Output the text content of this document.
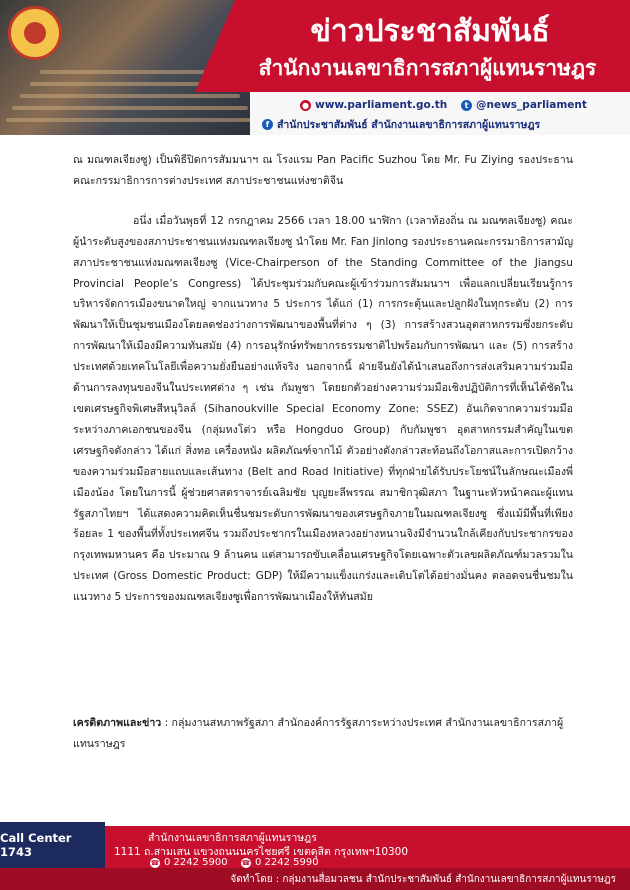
ข่าวประชาสัมพันธ์
สำนักงานเลขาธิการสภาผู้แทนราษฎร
● www.parliament.go.th	t @news_parliament
f สำนักประชาสัมพันธ์ สำนักงานเลขาธิการสภาผู้แทนราษฎร

ณ มณฑลเจียงซู) เป็นพิธีปิดการสัมมนาฯ ณ โรงแรม Pan Pacific Suzhou โดย Mr. Fu Ziying รองประธานคณะกรรมาธิการการต่างประเทศ สภาประชาชนแห่งชาติจีน

อนึ่ง เมื่อวันพุธที่ 12 กรกฎาคม 2566 เวลา 18.00 นาฬิกา (เวลาท้องถิ่น ณ มณฑลเจียงซู) คณะผู้นำระดับสูงของสภาประชาชนแห่งมณฑลเจียงซู นำโดย Mr. Fan Jinlong รองประธานคณะกรรมาธิการสามัญ สภาประชาชนแห่งมณฑลเจียงซู (Vice-Chairperson of the Standing Committee of the Jiangsu Provincial People’s Congress) ได้ประชุมร่วมกับคณะผู้เข้าร่วมการสัมมนาฯ เพื่อแลกเปลี่ยนเรียนรู้การบริหารจัดการเมืองขนาดใหญ่ จากแนวทาง 5 ประการ ได้แก่ (1) การกระตุ้นและปลูกฝังในทุกระดับ (2) การพัฒนาให้เป็นชุมชนเมืองโดยลดช่องว่างการพัฒนาของพื้นที่ต่าง ๆ (3) การสร้างสวนอุตสาหกรรมซึ่งยกระดับการพัฒนาให้เมืองมีความทันสมัย (4) การอนุรักษ์ทรัพยากรธรรมชาติไปพร้อมกับการพัฒนา และ (5) การสร้างประเทศด้วยเทคโนโลยีเพื่อความยั่งยืนอย่างแท้จริง นอกจากนี้ ฝ่ายจีนยังได้นำเสนอถึงการส่งเสริมความร่วมมือด้านการลงทุนของจีนในประเทศต่าง ๆ เช่น กัมพูชา โดยยกตัวอย่างความร่วมมือเชิงปฏิบัติการที่เห็นได้ชัดในเขตเศรษฐกิจพิเศษสีหนุวิลล์ (Sihanoukville Special Economy Zone: SSEZ) อันเกิดจากความร่วมมือระหว่างภาคเอกชนของจีน (กลุ่มหงโต่ว หรือ Hongduo Group) กับกัมพูชา อุตสาหกรรมสำคัญในเขตเศรษฐกิจดังกล่าว ได้แก่ สิ่งทอ เครื่องหนัง ผลิตภัณฑ์จากไม้ ตัวอย่างดังกล่าวสะท้อนถึงโอกาสและการเปิดกว้างของความร่วมมือสายแถบและเส้นทาง (Belt and Road Initiative) ที่ทุกฝ่ายได้รับประโยชน์ในลักษณะเมืองพี่เมืองน้อง โดยในการนี้ ผู้ช่วยศาสตราจารย์เฉลิมชัย บุญยะลีพรรณ สมาชิกวุฒิสภา ในฐานะหัวหน้าคณะผู้แทนรัฐสภาไทยฯ ได้แสดงความคิดเห็นชื่นชมระดับการพัฒนาของเศรษฐกิจภายในมณฑลเจียงซู ซึ่งแม้มีพื้นที่เพียงร้อยละ 1 ของพื้นที่ทั้งประเทศจีน รวมถึงประชากรในเมืองหลวงอย่างหนานจิงมีจำนวนใกล้เคียงกับประชากรของกรุงเทพมหานคร คือ ประมาณ 9 ล้านคน แต่สามารถขับเคลื่อนเศรษฐกิจโดยเฉพาะตัวเลขผลิตภัณฑ์มวลรวมในประเทศ (Gross Domestic Product: GDP) ให้มีความแข็งแกร่งและเติบโตได้อย่างมั่นคง ตลอดจนชื่นชมในแนวทาง 5 ประการของมณฑลเจียงซูเพื่อการพัฒนาเมืองให้ทันสมัย

เครดิตภาพและข่าว : กลุ่มงานสหภาพรัฐสภา สำนักองค์การรัฐสภาระหว่างประเทศ สำนักงานเลขาธิการสภาผู้แทนราษฎร
Call Center 1743
สำนักงานเลขาธิการสภาผู้แทนราษฎร
1111 ถ.สามเสน แขวงถนนนครไชยศรี เขตดุสิต กรุงเทพฯ10300
☎ 0 2242 5900 ☎ 0 2242 5990
จัดทำโดย : กลุ่มงานสื่อมวลชน สำนักประชาสัมพันธ์ สำนักงานเลขาธิการสภาผู้แทนราษฎร
